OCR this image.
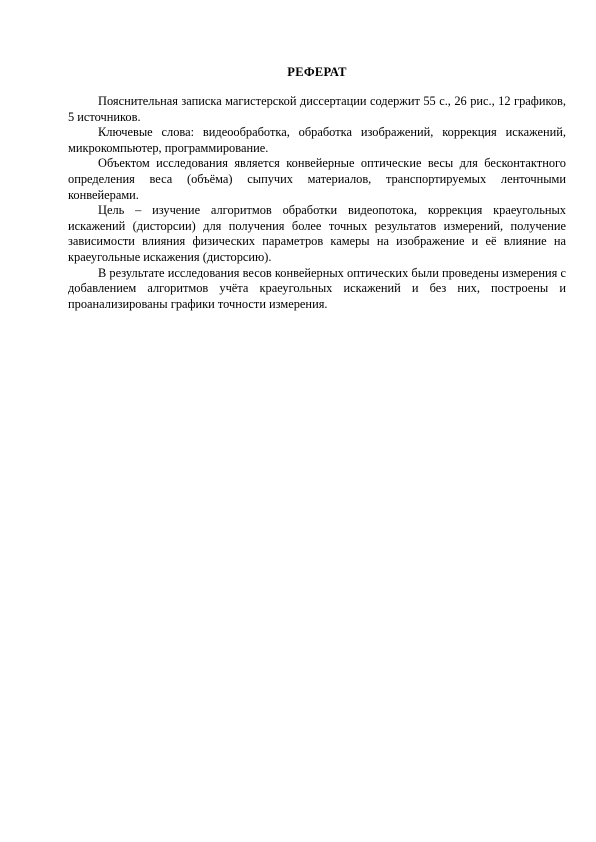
РЕФЕРАТ

Пояснительная записка магистерской диссертации содержит 55 с., 26 рис., 12 графиков, 5 источников.

Ключевые слова: видеообработка, обработка изображений, коррекция искажений, микрокомпьютер, программирование.

Объектом исследования является конвейерные оптические весы для бесконтактного определения веса (объёма) сыпучих материалов, транспортируемых ленточными конвейерами.

Цель – изучение алгоритмов обработки видеопотока, коррекция краеугольных искажений (дисторсии) для получения более точных результатов измерений, получение зависимости влияния физических параметров камеры на изображение и её влияние на краеугольные искажения (дисторсию).

В результате исследования весов конвейерных оптических были проведены измерения с добавлением алгоритмов учёта краеугольных искажений и без них, построены и проанализированы графики точности измерения.
